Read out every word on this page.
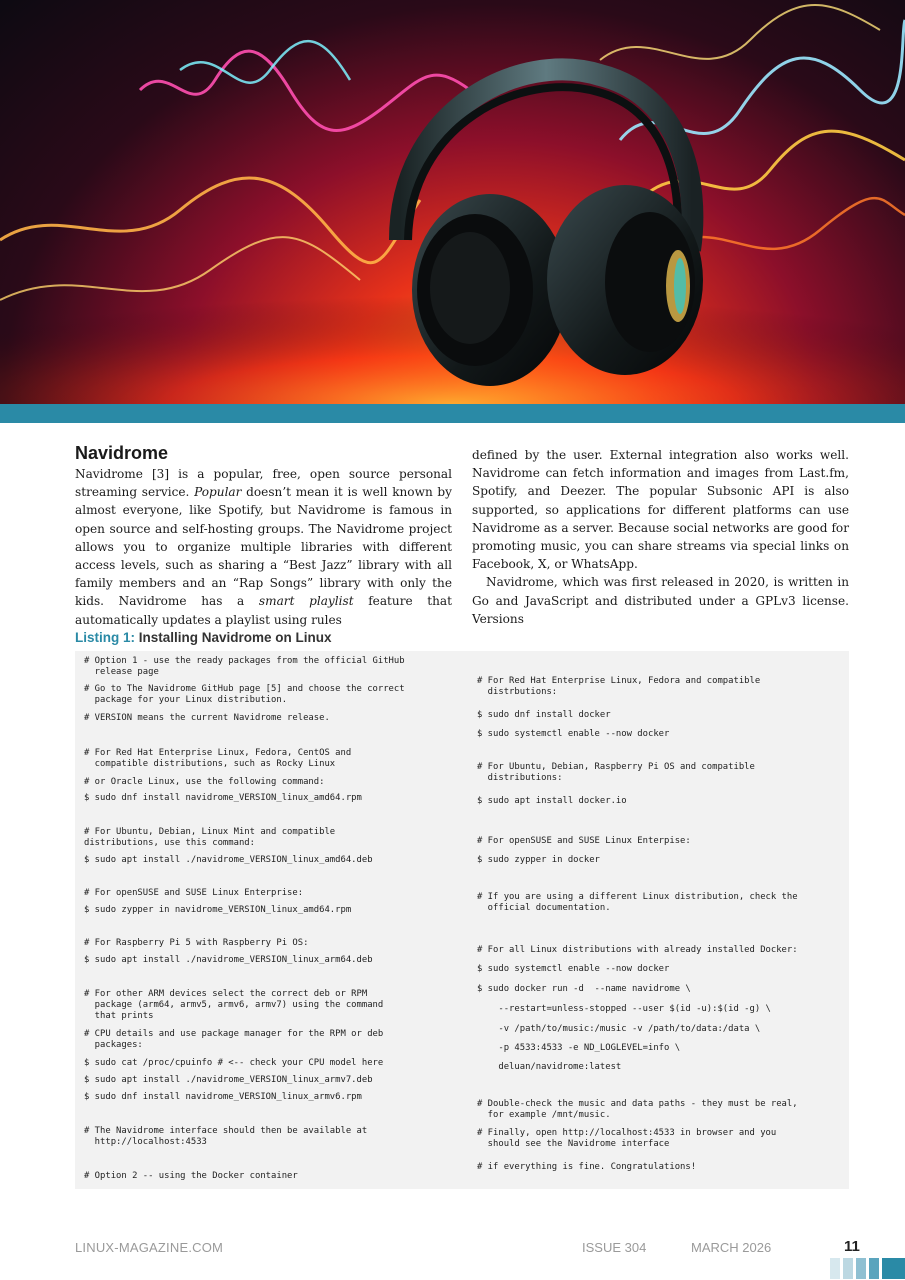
Navidrome

Navidrome [3] is a popular, free, open source personal streaming service. Popular doesn’t mean it is well known by almost everyone, like Spotify, but Navidrome is famous in open source and self-hosting groups. The Navidrome project allows you to organize multiple libraries with different access levels, such as sharing a “Best Jazz” library with all family members and an “Rap Songs” library with only the kids. Navidrome has a smart playlist feature that automatically updates a playlist using rules

defined by the user. External integration also works well. Navidrome can fetch information and images from Last.fm, Spotify, and Deezer. The popular Subsonic API is also supported, so applications for different platforms can use Navidrome as a server. Because social networks are good for promoting music, you can share streams via special links on Facebook, X, or WhatsApp.

Navidrome, which was first released in 2020, is written in Go and JavaScript and distributed under a GPLv3 license. Versions

Listing 1: Installing Navidrome on Linux
# Option 1 - use the ready packages from the official GitHub
release page
# Go to The Navidrome GitHub page [5] and choose the correct
package for your Linux distribution.
# VERSION means the current Navidrome release.
# For Red Hat Enterprise Linux, Fedora, CentOS and
compatible distributions, such as Rocky Linux
# or Oracle Linux, use the following command:
$ sudo dnf install navidrome_VERSION_linux_amd64.rpm
# For Ubuntu, Debian, Linux Mint and compatible
distributions, use this command:
$ sudo apt install ./navidrome_VERSION_linux_amd64.deb
# For openSUSE and SUSE Linux Enterprise:
$ sudo zypper in navidrome_VERSION_linux_amd64.rpm
# For Raspberry Pi 5 with Raspberry Pi OS:
$ sudo apt install ./navidrome_VERSION_linux_arm64.deb
# For other ARM devices select the correct deb or RPM
package (arm64, armv5, armv6, armv7) using the command
that prints
# CPU details and use package manager for the RPM or deb
packages:
$ sudo cat /proc/cpuinfo # <-- check your CPU model here
$ sudo apt install ./navidrome_VERSION_linux_armv7.deb
$ sudo dnf install navidrome_VERSION_linux_armv6.rpm
# The Navidrome interface should then be available at
http://localhost:4533
# Option 2 -- using the Docker container
# For Red Hat Enterprise Linux, Fedora and compatible
distrbutions:
$ sudo dnf install docker
$ sudo systemctl enable --now docker
# For Ubuntu, Debian, Raspberry Pi OS and compatible
distributions:
$ sudo apt install docker.io
# For openSUSE and SUSE Linux Enterpise:
$ sudo zypper in docker
# If you are using a different Linux distribution, check the
official documentation.
# For all Linux distributions with already installed Docker:
$ sudo systemctl enable --now docker
$ sudo docker run -d  --name navidrome \
--restart=unless-stopped --user $(id -u):$(id -g) \
-v /path/to/music:/music -v /path/to/data:/data \
-p 4533:4533 -e ND_LOGLEVEL=info \
deluan/navidrome:latest
# Double-check the music and data paths - they must be real,
for example /mnt/music.
# Finally, open http://localhost:4533 in browser and you
should see the Navidrome interface
# if everything is fine. Congratulations!
LINUX-MAGAZINE.COM	ISSUE 304	MARCH 2026	11
